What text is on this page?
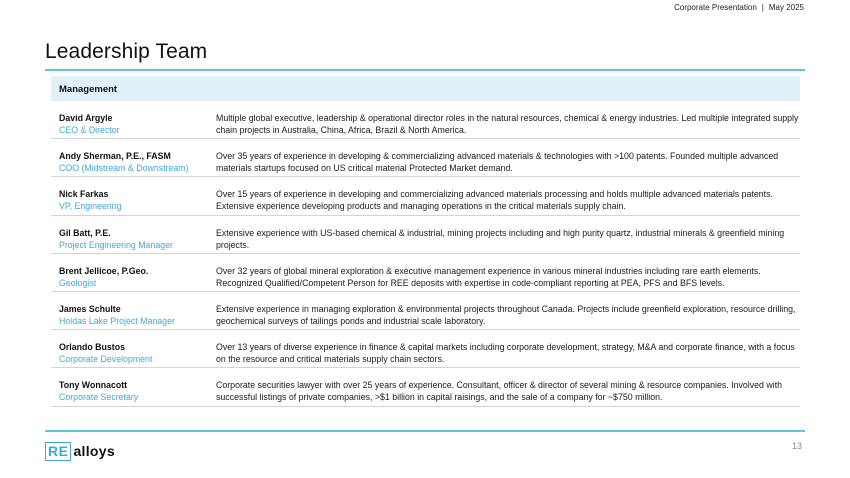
Corporate Presentation | May 2025
Leadership Team
Management
David Argyle
CEO & Director
Multiple global executive, leadership & operational director roles in the natural resources, chemical & energy industries. Led multiple integrated supply chain projects in Australia, China, Africa, Brazil & North America.
Andy Sherman, P.E., FASM
COO (Midstream & Downstream)
Over 35 years of experience in developing & commercializing advanced materials & technologies with >100 patents. Founded multiple advanced materials startups focused on US critical material Protected Market demand.
Nick Farkas
VP, Engineering
Over 15 years of experience in developing and commercializing advanced materials processing and holds multiple advanced materials patents. Extensive experience developing products and managing operations in the critical materials supply chain.
Gil Batt, P.E.
Project Engineering Manager
Extensive experience with US-based chemical & industrial, mining projects including and high purity quartz, industrial minerals & greenfield mining projects.
Brent Jellicoe, P.Geo.
Geologist
Over 32 years of global mineral exploration & executive management experience in various mineral industries including rare earth elements. Recognized Qualified/Competent Person for REE deposits with expertise in code-compliant reporting at PEA, PFS and BFS levels.
James Schulte
Hoidas Lake Project Manager
Extensive experience in managing exploration & environmental projects throughout Canada. Projects include greenfield exploration, resource drilling, geochemical surveys of tailings ponds and industrial scale laboratory.
Orlando Bustos
Corporate Development
Over 13 years of diverse experience in finance & capital markets including corporate development, strategy, M&A and corporate finance, with a focus on the resource and critical materials supply chain sectors.
Tony Wonnacott
Corporate Secretary
Corporate securities lawyer with over 25 years of experience. Consultant, officer & director of several mining & resource companies. Involved with successful listings of private companies, >$1 billion in capital raisings, and the sale of a company for ~$750 million.
RE alloys	13
